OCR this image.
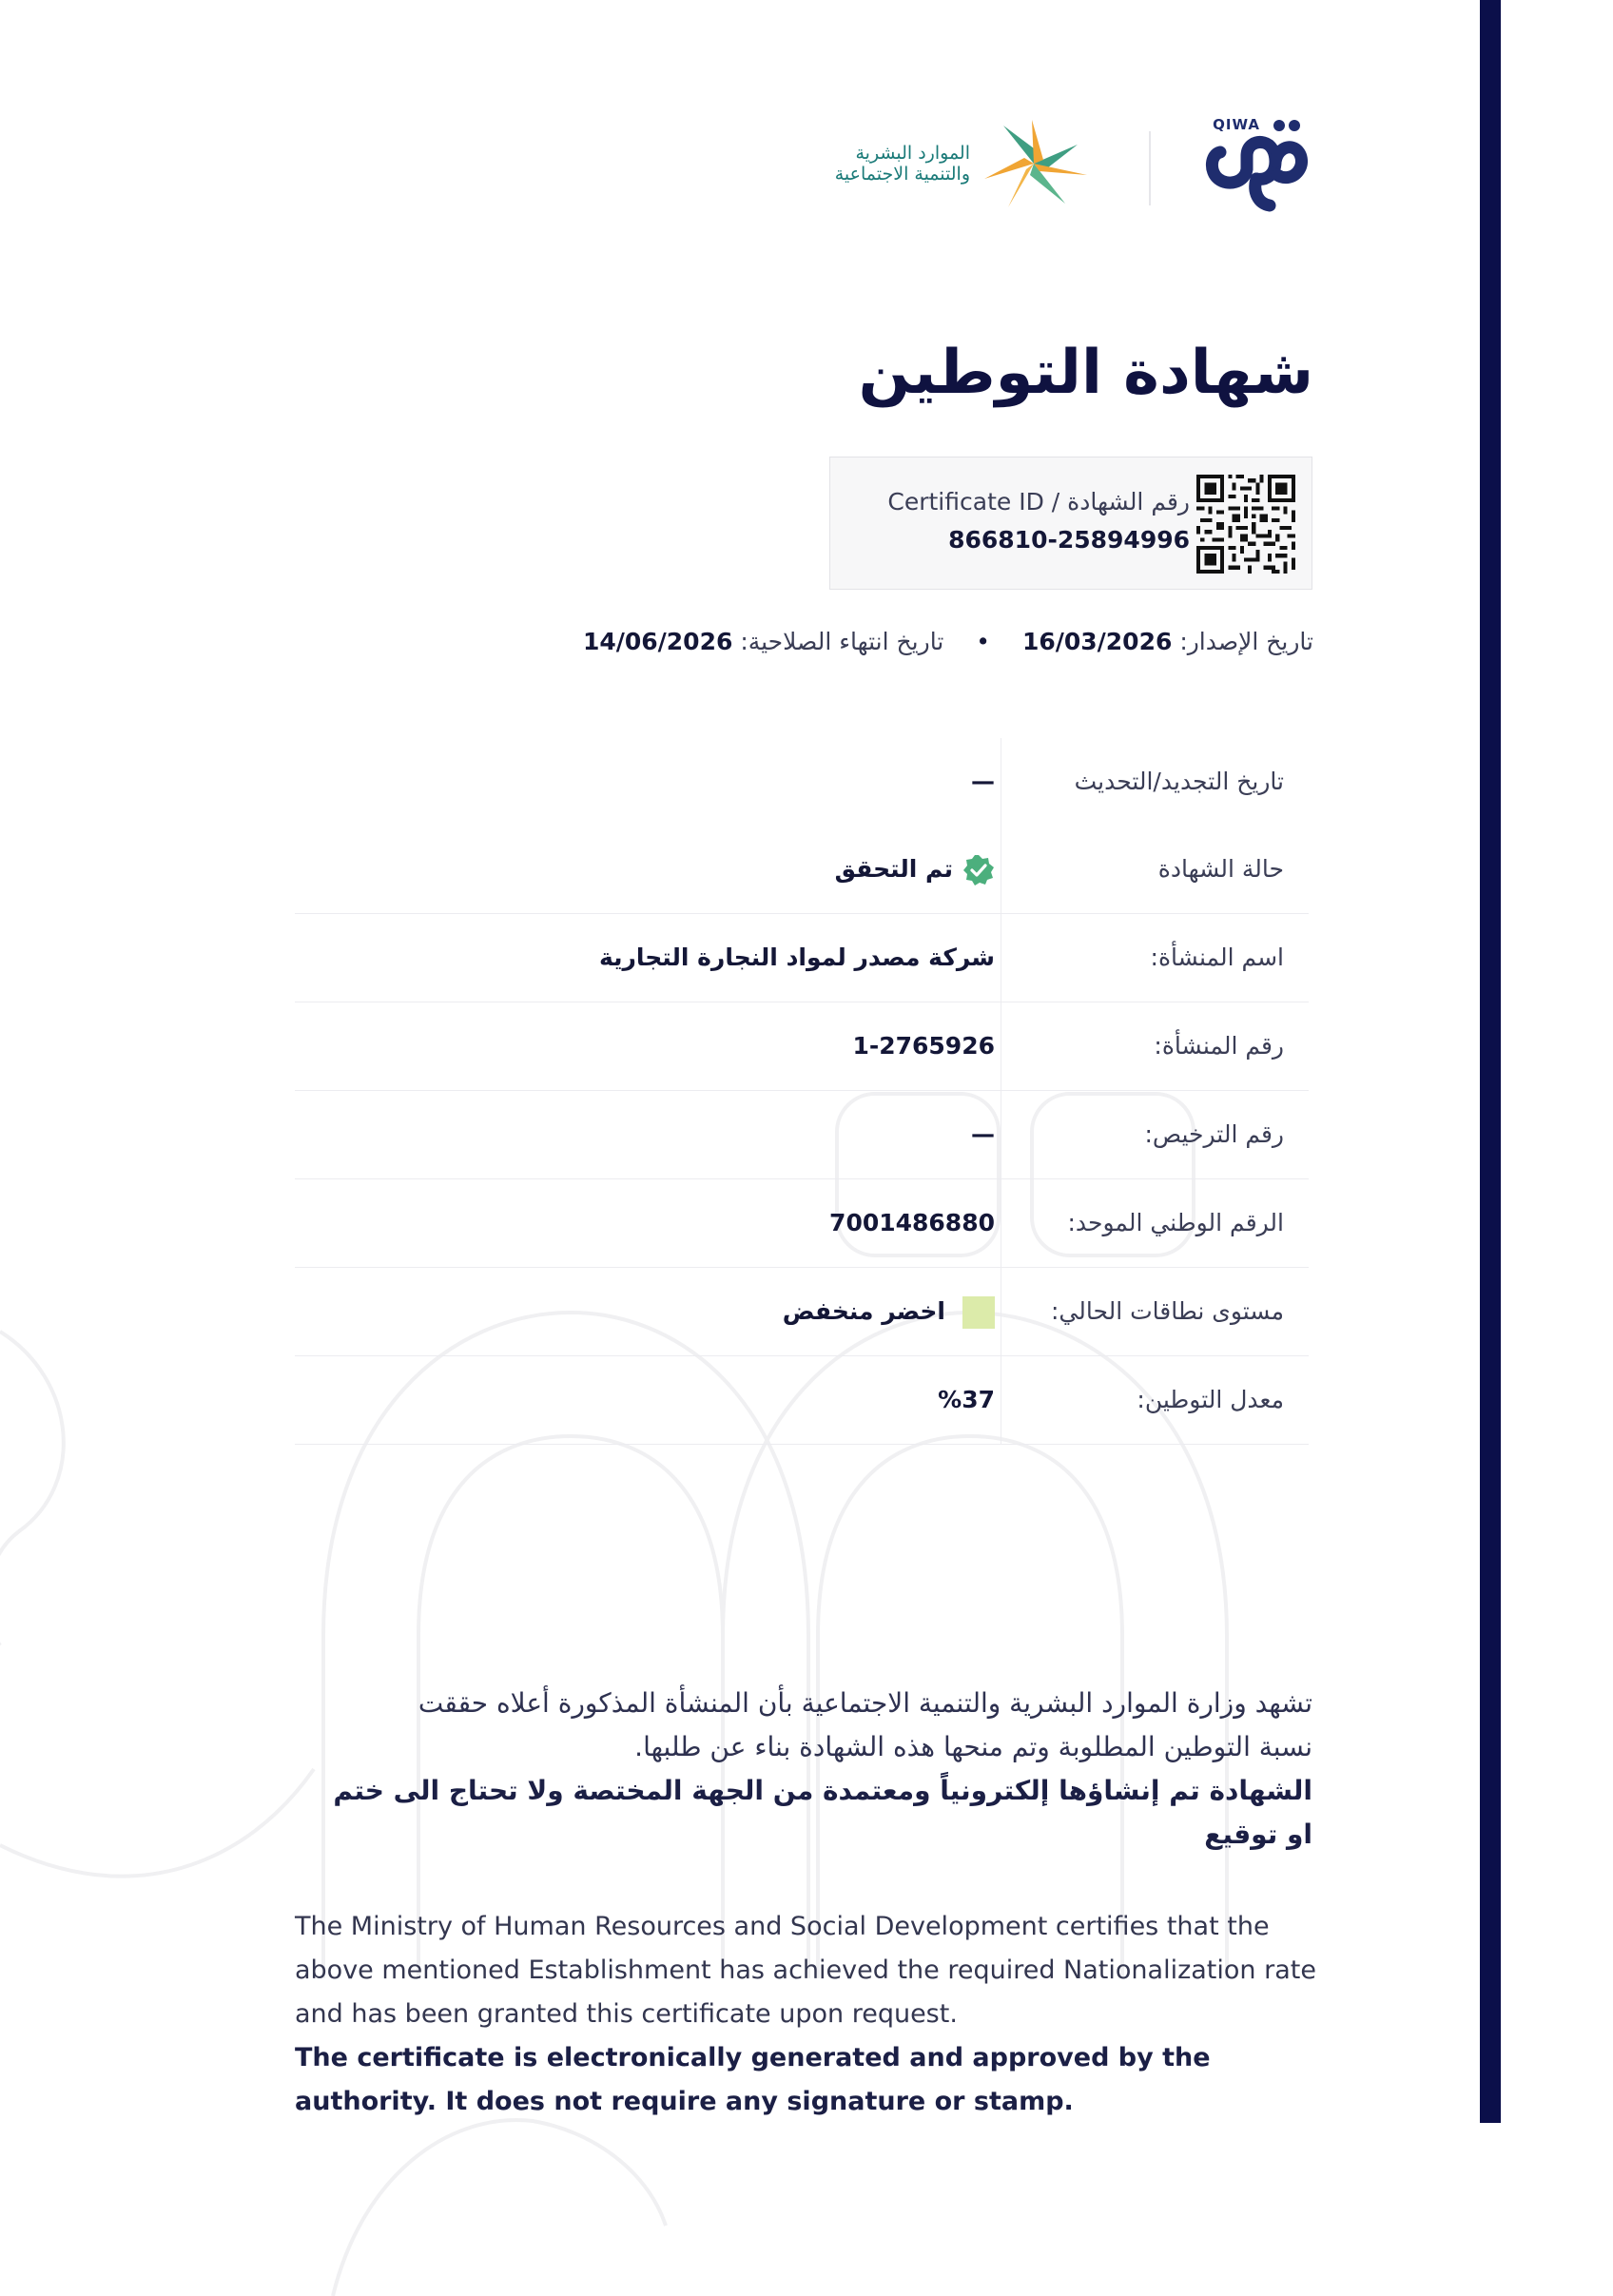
الموارد البشرية
والتنمية الاجتماعية
QIWA
شهادة التوطين
Certificate ID / رقم الشهادة
866810-25894996
تاريخ الإصدار: 16/03/2026 • تاريخ انتهاء الصلاحية: 14/06/2026
تاريخ التجديد/التحديث
—
حالة الشهادة
تم التحقق
اسم المنشأة:
شركة مصدر لمواد النجارة التجارية
رقم المنشأة:
1-2765926
رقم الترخيص:
—
الرقم الوطني الموحد:
7001486880
مستوى نطاقات الحالي:
اخضر منخفض
معدل التوطين:
%37
تشهد وزارة الموارد البشرية والتنمية الاجتماعية بأن المنشأة المذكورة أعلاه حققت
نسبة التوطين المطلوبة وتم منحها هذه الشهادة بناء عن طلبها.
الشهادة تم إنشاؤها إلكترونياً ومعتمدة من الجهة المختصة ولا تحتاج الى ختم او توقيع
The Ministry of Human Resources and Social Development certifies that the
above mentioned Establishment has achieved the required Nationalization rate
and has been granted this certificate upon request.
The certificate is electronically generated and approved by the authority. It does not require any signature or stamp.
